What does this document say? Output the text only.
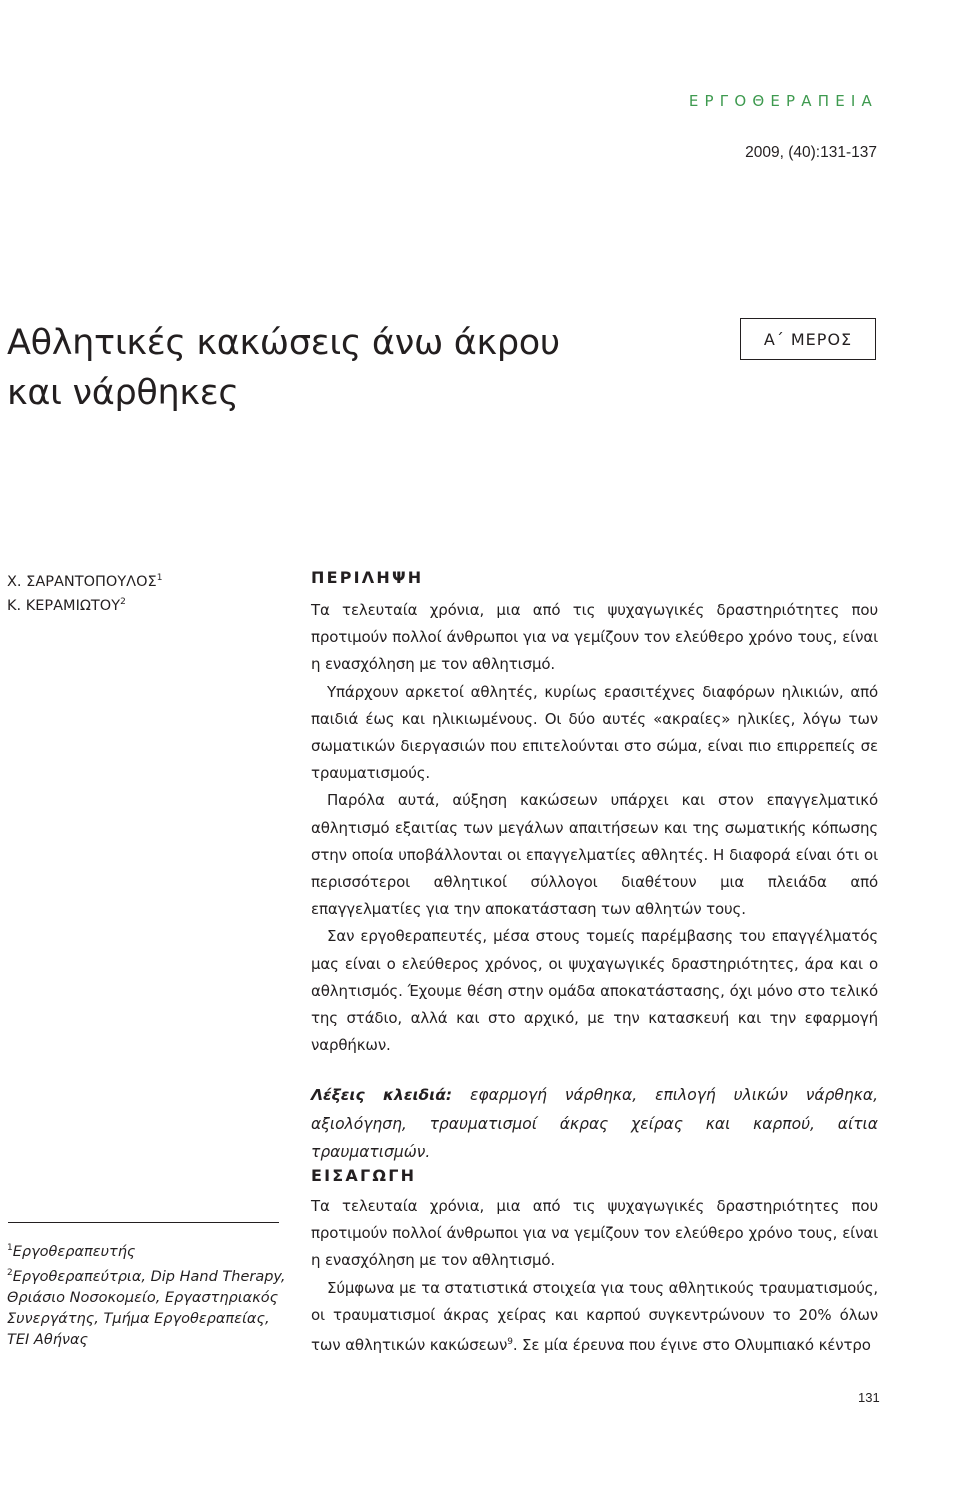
ΕΡΓΟΘΕΡΑΠΕΙΑ
2009, (40):131-137
Αθλητικές κακώσεις άνω άκρου
και νάρθηκες
Α΄ ΜΕΡΟΣ
Χ. ΣΑΡΑΝΤΟΠΟΥΛΟΣ$^1$
Κ. ΚΕΡΑΜΙΩΤΟΥ$^2$
ΠΕΡΙΛΗΨΗ

Τα τελευταία χρόνια, μια από τις ψυχαγωγικές δραστηριότητες που προτιμούν πολλοί άνθρωποι για να γεμίζουν τον ελεύθερο χρόνο τους, είναι η ενασχόληση με τον αθλητισμό.

Υπάρχουν αρκετοί αθλητές, κυρίως ερασιτέχνες διαφόρων ηλικιών, από παιδιά έως και ηλικιωμένους. Οι δύο αυτές «ακραίες» ηλικίες, λόγω των σωματικών διεργασιών που επιτελούνται στο σώμα, είναι πιο επιρρεπείς σε τραυματισμούς.

Παρόλα αυτά, αύξηση κακώσεων υπάρχει και στον επαγγελματικό αθλητισμό εξαιτίας των μεγάλων απαιτήσεων και της σωματικής κόπωσης στην οποία υποβάλλονται οι επαγγελματίες αθλητές. Η διαφορά είναι ότι οι περισσότεροι αθλητικοί σύλλογοι διαθέτουν μια πλειάδα από επαγγελματίες για την αποκατάσταση των αθλητών τους.

Σαν εργοθεραπευτές, μέσα στους τομείς παρέμβασης του επαγγέλματός μας είναι ο ελεύθερος χρόνος, οι ψυχαγωγικές δραστηριότητες, άρα και ο αθλητισμός. Έχουμε θέση στην ομάδα αποκατάστασης, όχι μόνο στο τελικό της στάδιο, αλλά και στο αρχικό, με την κατασκευή και την εφαρμογή ναρθήκων.

Λέξεις κλειδιά: εφαρμογή νάρθηκα, επιλογή υλικών νάρθηκα, αξιολόγηση, τραυματισμοί άκρας χείρας και καρπού, αίτια τραυματισμών.
ΕΙΣΑΓΩΓΗ

Τα τελευταία χρόνια, μια από τις ψυχαγωγικές δραστηριότητες που προτιμούν πολλοί άνθρωποι για να γεμίζουν τον ελεύθερο χρόνο τους, είναι η ενασχόληση με τον αθλητισμό.

Σύμφωνα με τα στατιστικά στοιχεία για τους αθλητικούς τραυματισμούς, οι τραυματισμοί άκρας χείρας και καρπού συγκεντρώνουν το 20% όλων των αθλητικών κακώσεων$^9$. Σε μία έρευνα που έγινε στο Ολυμπιακό κέντρο

$^1$Εργοθεραπευτής
$^2$Εργοθεραπεύτρια, Dip Hand Therapy, Θριάσιο Νοσοκομείο, Εργαστηριακός Συνεργάτης, Τμήμα Εργοθεραπείας, ΤΕΙ Αθήνας
131
